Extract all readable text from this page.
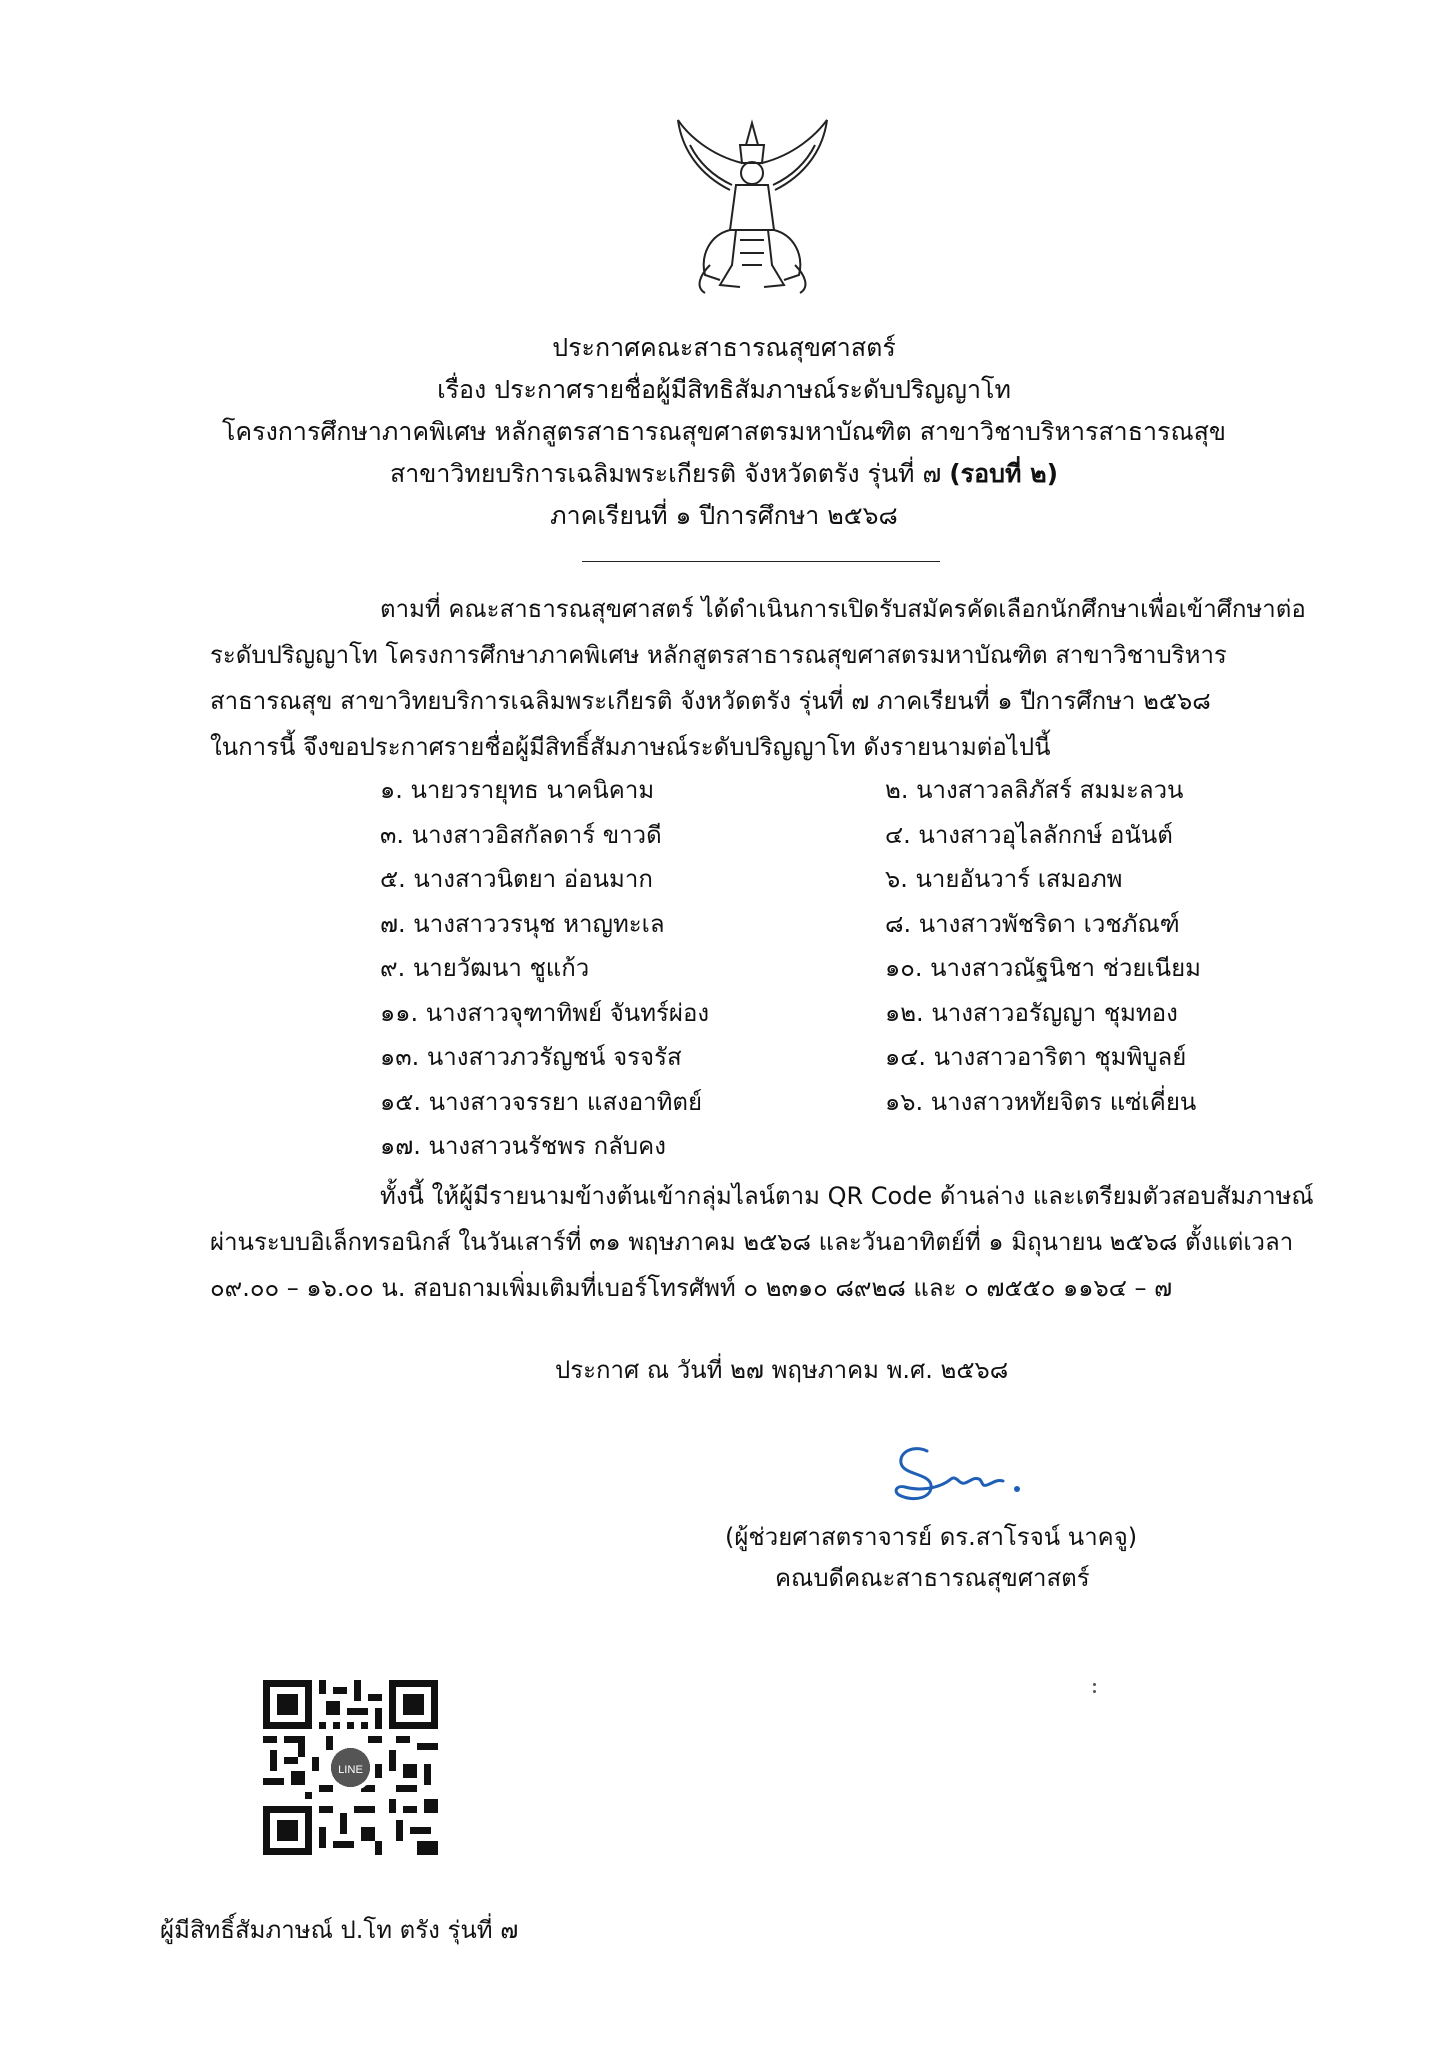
ประกาศคณะสาธารณสุขศาสตร์
เรื่อง ประกาศรายชื่อผู้มีสิทธิสัมภาษณ์ระดับปริญญาโท
โครงการศึกษาภาคพิเศษ หลักสูตรสาธารณสุขศาสตรมหาบัณฑิต สาขาวิชาบริหารสาธารณสุข
สาขาวิทยบริการเฉลิมพระเกียรติ จังหวัดตรัง รุ่นที่ ๗ (รอบที่ ๒)
ภาคเรียนที่ ๑ ปีการศึกษา ๒๕๖๘
ตามที่ คณะสาธารณสุขศาสตร์ ได้ดำเนินการเปิดรับสมัครคัดเลือกนักศึกษาเพื่อเข้าศึกษาต่อ
ระดับปริญญาโท โครงการศึกษาภาคพิเศษ หลักสูตรสาธารณสุขศาสตรมหาบัณฑิต สาขาวิชาบริหาร
สาธารณสุข สาขาวิทยบริการเฉลิมพระเกียรติ จังหวัดตรัง รุ่นที่ ๗ ภาคเรียนที่ ๑ ปีการศึกษา ๒๕๖๘
ในการนี้ จึงขอประกาศรายชื่อผู้มีสิทธิ์สัมภาษณ์ระดับปริญญาโท ดังรายนามต่อไปนี้
๑. นายวรายุทธ นาคนิคาม	๒. นางสาวลลิภัสร์ สมมะลวน
๓. นางสาวอิสกัลดาร์ ขาวดี	๔. นางสาวอุไลลักกษ์ อนันต์
๕. นางสาวนิตยา อ่อนมาก	๖. นายอันวาร์ เสมอภพ
๗. นางสาววรนุช หาญทะเล	๘. นางสาวพัชริดา เวชภัณฑ์
๙. นายวัฒนา ชูแก้ว	๑๐. นางสาวณัฐนิชา ช่วยเนียม
๑๑. นางสาวจุฑาทิพย์ จันทร์ผ่อง	๑๒. นางสาวอรัญญา ชุมทอง
๑๓. นางสาวภวรัญชน์ จรจรัส	๑๔. นางสาวอาริตา ชุมพิบูลย์
๑๕. นางสาวจรรยา แสงอาทิตย์	๑๖. นางสาวหทัยจิตร แซ่เคี่ยน
๑๗. นางสาวนรัชพร กลับคง
ทั้งนี้ ให้ผู้มีรายนามข้างต้นเข้ากลุ่มไลน์ตาม QR Code ด้านล่าง และเตรียมตัวสอบสัมภาษณ์
ผ่านระบบอิเล็กทรอนิกส์ ในวันเสาร์ที่ ๓๑ พฤษภาคม ๒๕๖๘ และวันอาทิตย์ที่ ๑ มิถุนายน ๒๕๖๘ ตั้งแต่เวลา
๐๙.๐๐ – ๑๖.๐๐ น. สอบถามเพิ่มเติมที่เบอร์โทรศัพท์ ๐ ๒๓๑๐ ๘๙๒๘ และ ๐ ๗๕๕๐ ๑๑๖๔ – ๗
ประกาศ ณ วันที่ ๒๗ พฤษภาคม พ.ศ. ๒๕๖๘
(ผู้ช่วยศาสตราจารย์ ดร.สาโรจน์ นาคจู)
คณบดีคณะสาธารณสุขศาสตร์
LINE
ผู้มีสิทธิ์สัมภาษณ์ ป.โท ตรัง รุ่นที่ ๗
